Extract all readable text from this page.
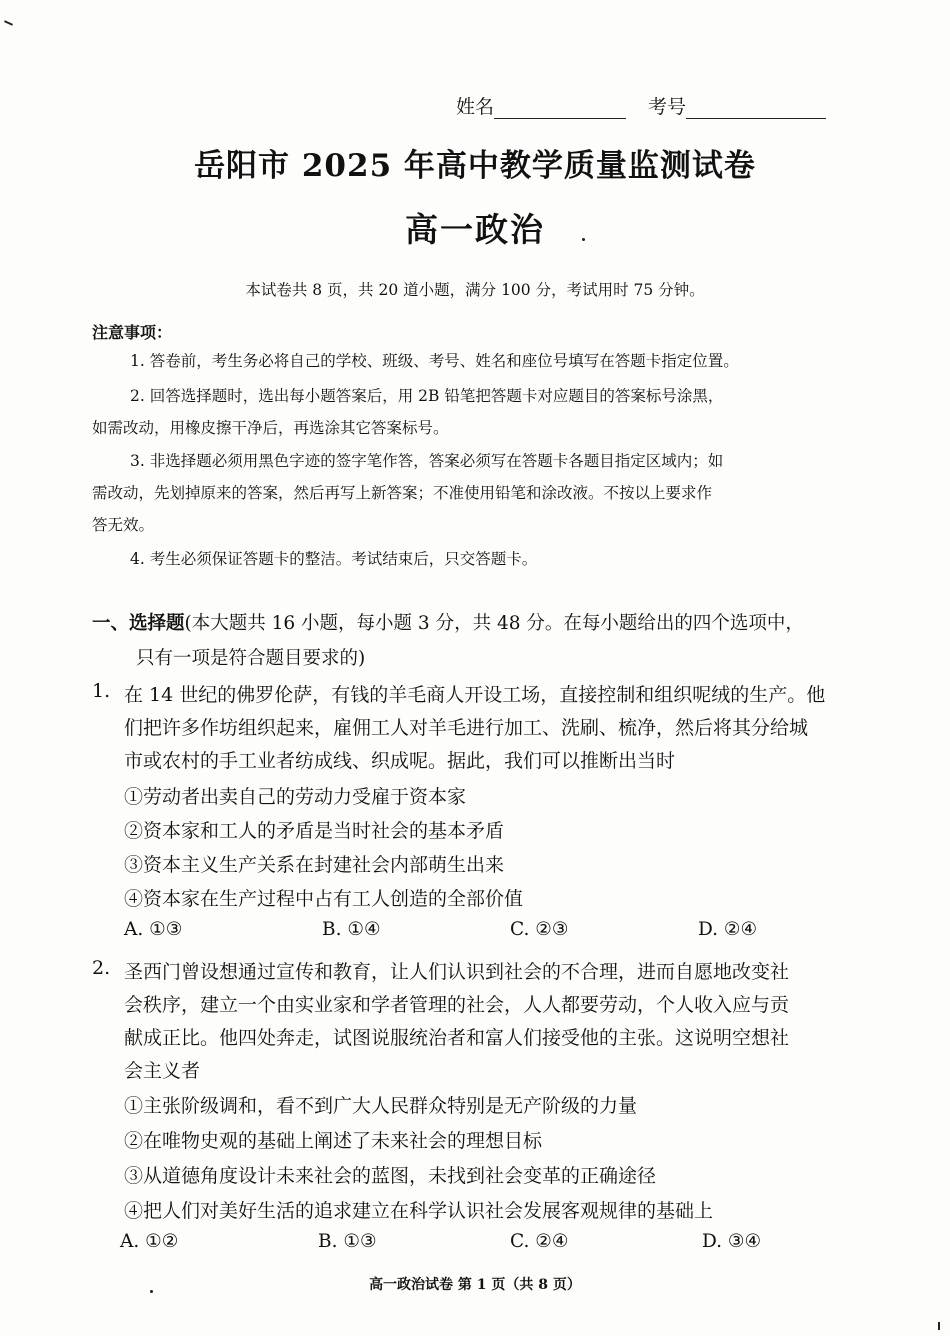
姓名	考号
岳阳市 2025 年高中教学质量监测试卷
高一政治
本试卷共 8 页，共 20 道小题，满分 100 分，考试用时 75 分钟。
注意事项：
1. 答卷前，考生务必将自己的学校、班级、考号、姓名和座位号填写在答题卡指定位置。
2. 回答选择题时，选出每小题答案后，用 2B 铅笔把答题卡对应题目的答案标号涂黑，
如需改动，用橡皮擦干净后，再选涂其它答案标号。
3. 非选择题必须用黑色字迹的签字笔作答，答案必须写在答题卡各题目指定区域内；如
需改动，先划掉原来的答案，然后再写上新答案；不准使用铅笔和涂改液。不按以上要求作
答无效。
4. 考生必须保证答题卡的整洁。考试结束后，只交答题卡。
一、选择题(本大题共 16 小题，每小题 3 分，共 48 分。在每小题给出的四个选项中，
只有一项是符合题目要求的)
1. 在 14 世纪的佛罗伦萨，有钱的羊毛商人开设工场，直接控制和组织呢绒的生产。他
们把许多作坊组织起来，雇佣工人对羊毛进行加工、洗刷、梳净，然后将其分给城
市或农村的手工业者纺成线、织成呢。据此，我们可以推断出当时
①劳动者出卖自己的劳动力受雇于资本家
②资本家和工人的矛盾是当时社会的基本矛盾
③资本主义生产关系在封建社会内部萌生出来
④资本家在生产过程中占有工人创造的全部价值
A. ①③	B. ①④	C. ②③	D. ②④
2. 圣西门曾设想通过宣传和教育，让人们认识到社会的不合理，进而自愿地改变社
会秩序，建立一个由实业家和学者管理的社会，人人都要劳动，个人收入应与贡
献成正比。他四处奔走，试图说服统治者和富人们接受他的主张。这说明空想社
会主义者
①主张阶级调和，看不到广大人民群众特别是无产阶级的力量
②在唯物史观的基础上阐述了未来社会的理想目标
③从道德角度设计未来社会的蓝图，未找到社会变革的正确途径
④把人们对美好生活的追求建立在科学认识社会发展客观规律的基础上
A. ①②	B. ①③	C. ②④	D. ③④
高一政治试卷 第 1 页（共 8 页）
